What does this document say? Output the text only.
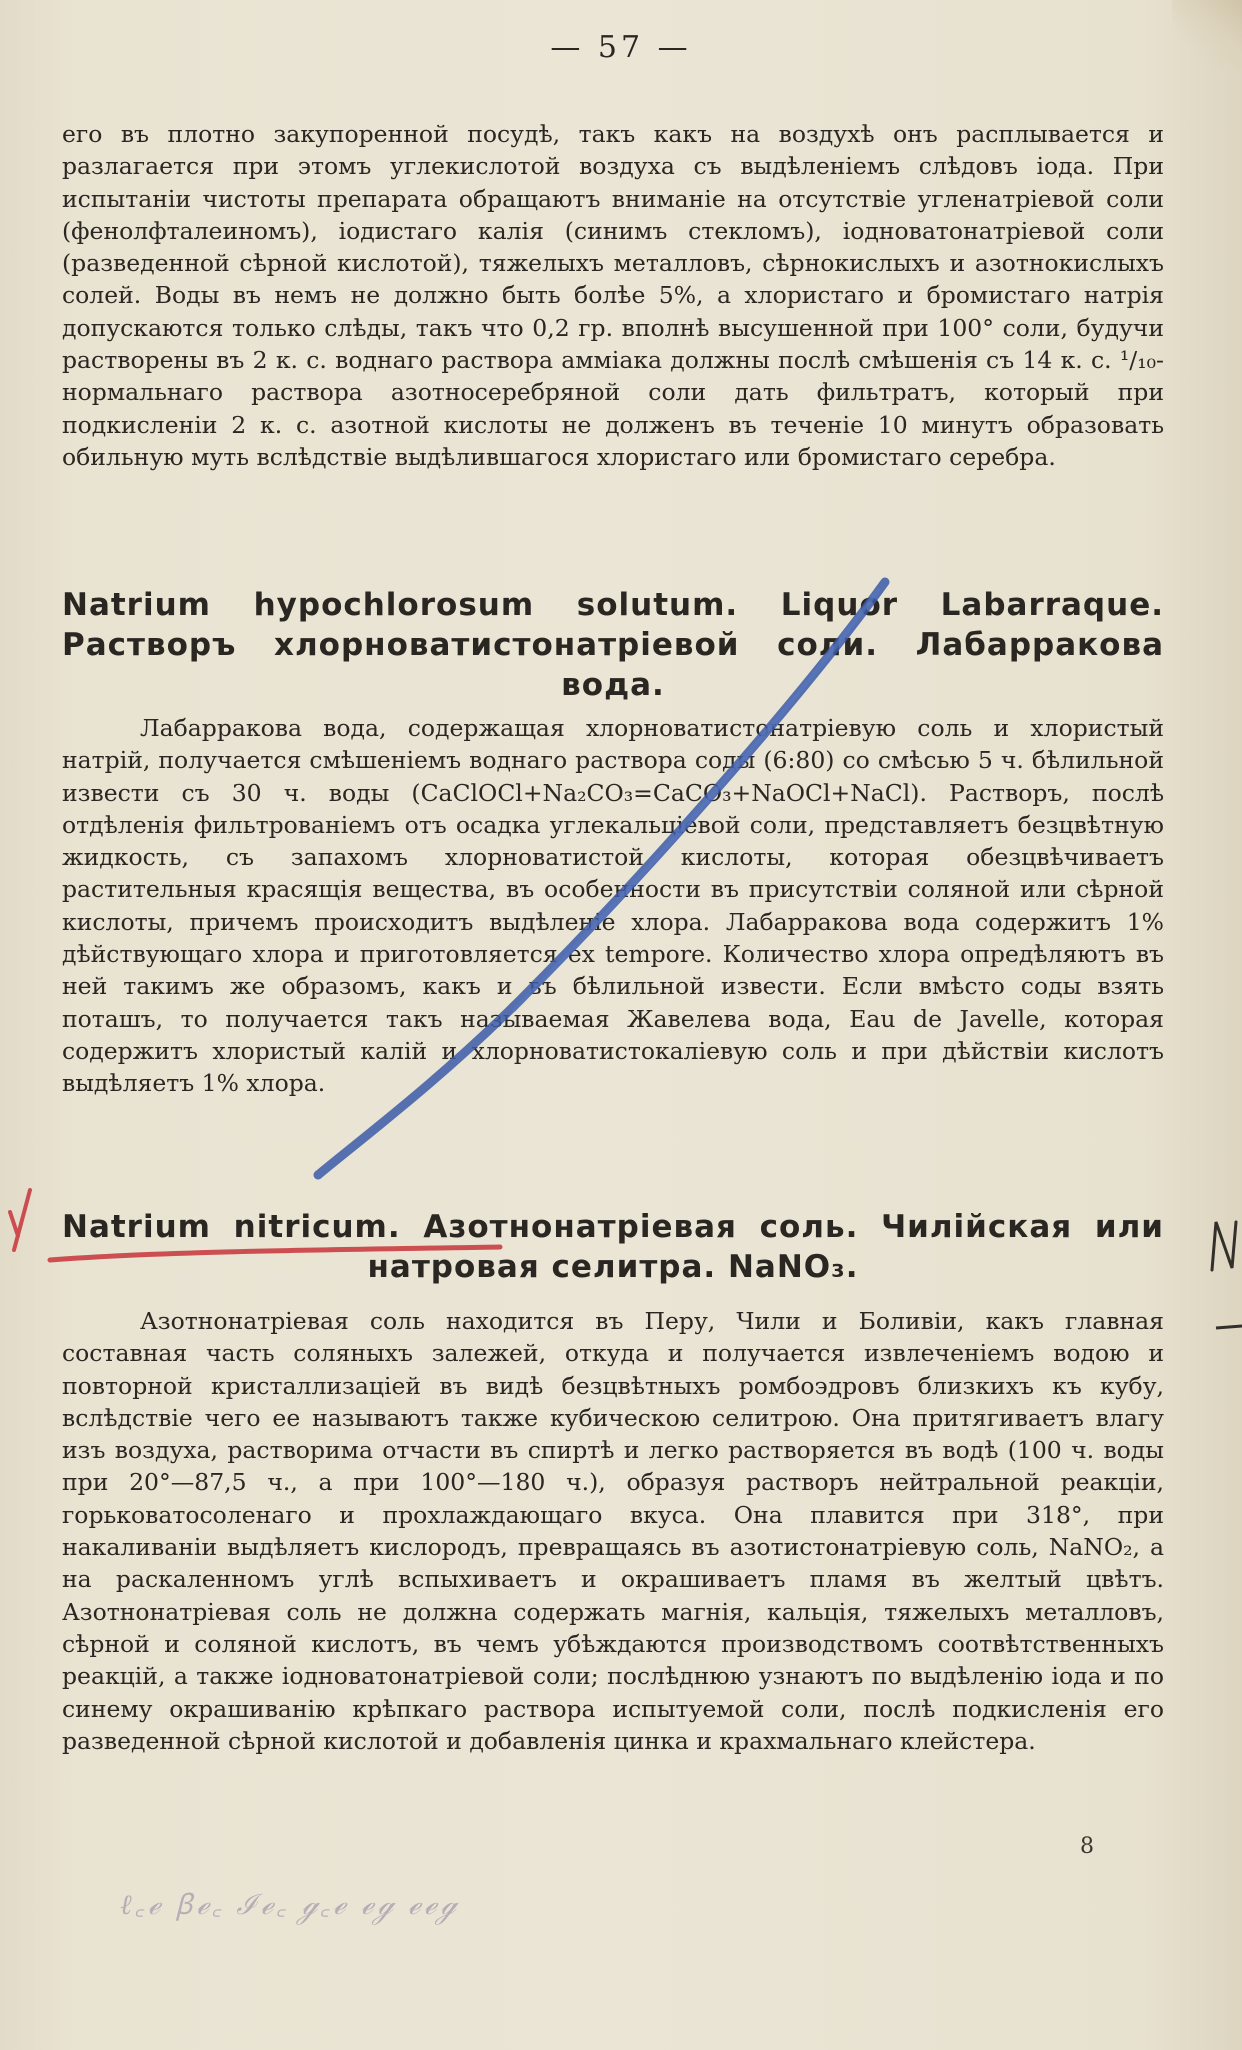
— 57 —

его въ плотно закупоренной посудѣ, такъ какъ на воздухѣ онъ расплывается и разлагается при этомъ углекислотой воздуха съ выдѣленіемъ слѣдовъ іода. При испытаніи чистоты препарата обращаютъ вниманіе на отсутствіе угленатріевой соли (фенолфталеиномъ), іодистаго калія (синимъ стекломъ), іодноватонатріевой соли (разведенной сѣрной кислотой), тяжелыхъ металловъ, сѣрнокислыхъ и азотнокислыхъ солей. Воды въ немъ не должно быть болѣе 5%, а хлористаго и бромистаго натрія допускаются только слѣды, такъ что 0,2 гр. вполнѣ высушенной при 100° соли, будучи растворены въ 2 к. с. воднаго раствора амміака должны послѣ смѣшенія съ 14 к. с. ¹/₁₀-нормальнаго раствора азотносеребряной соли дать фильтратъ, который при подкисленіи 2 к. с. азотной кислоты не долженъ въ теченіе 10 минутъ образовать обильную муть вслѣдствіе выдѣлившагося хлористаго или бромистаго серебра.

Natrium hypochlorosum solutum. Liquor Labarraque. Растворъ хлорноватистонатріевой соли. Лабарракова вода.

Лабарракова вода, содержащая хлорноватистонатріевую соль и хлористый натрій, получается смѣшеніемъ воднаго раствора соды (6:80) со смѣсью 5 ч. бѣлильной извести съ 30 ч. воды (CaClOCl+Na₂CO₃=CaCO₃+NaOCl+NaCl). Растворъ, послѣ отдѣленія фильтрованіемъ отъ осадка углекальціевой соли, представляетъ безцвѣтную жидкость, съ запахомъ хлорноватистой кислоты, которая обезцвѣчиваетъ растительныя красящія вещества, въ особенности въ присутствіи соляной или сѣрной кислоты, причемъ происходитъ выдѣленіе хлора. Лабарракова вода содержитъ 1% дѣйствующаго хлора и приготовляется ex tempore. Количество хлора опредѣляютъ въ ней такимъ же образомъ, какъ и въ бѣлильной извести. Если вмѣсто соды взять поташъ, то получается такъ называемая Жавелева вода, Eau de Javelle, которая содержитъ хлористый калій и хлорноватистокаліевую соль и при дѣйствіи кислотъ выдѣляетъ 1% хлора.

Natrium nitricum. Азотнонатріевая соль. Чилійская или натровая селитра. NaNO₃.

Азотнонатріевая соль находится въ Перу, Чили и Боливіи, какъ главная составная часть соляныхъ залежей, откуда и получается извлеченіемъ водою и повторной кристаллизаціей въ видѣ безцвѣтныхъ ромбоэдровъ близкихъ къ кубу, вслѣдствіе чего ее называютъ также кубическою селитрою. Она притягиваетъ влагу изъ воздуха, растворима отчасти въ спиртѣ и легко растворяется въ водѣ (100 ч. воды при 20°—87,5 ч., а при 100°—180 ч.), образуя растворъ нейтральной реакціи, горьковатосоленаго и прохлаждающаго вкуса. Она плавится при 318°, при накаливаніи выдѣляетъ кислородъ, превращаясь въ азотистонатріевую соль, NaNO₂, а на раскаленномъ углѣ вспыхиваетъ и окрашиваетъ пламя въ желтый цвѣтъ. Азотнонатріевая соль не должна содержать магнія, кальція, тяжелыхъ металловъ, сѣрной и соляной кислотъ, въ чемъ убѣждаются производствомъ соотвѣтственныхъ реакцій, а также іодноватонатріевой соли; послѣднюю узнаютъ по выдѣленію іода и по синему окрашиванію крѣпкаго раствора испытуемой соли, послѣ подкисленія его разведенной сѣрной кислотой и добавленія цинка и крахмальнаго клейстера.

8
ℓ꜀ℯ ꞵℯ꜀ ℐℯ꜀ ℊ꜀ℯ ℯℊ ℯℯℊ
